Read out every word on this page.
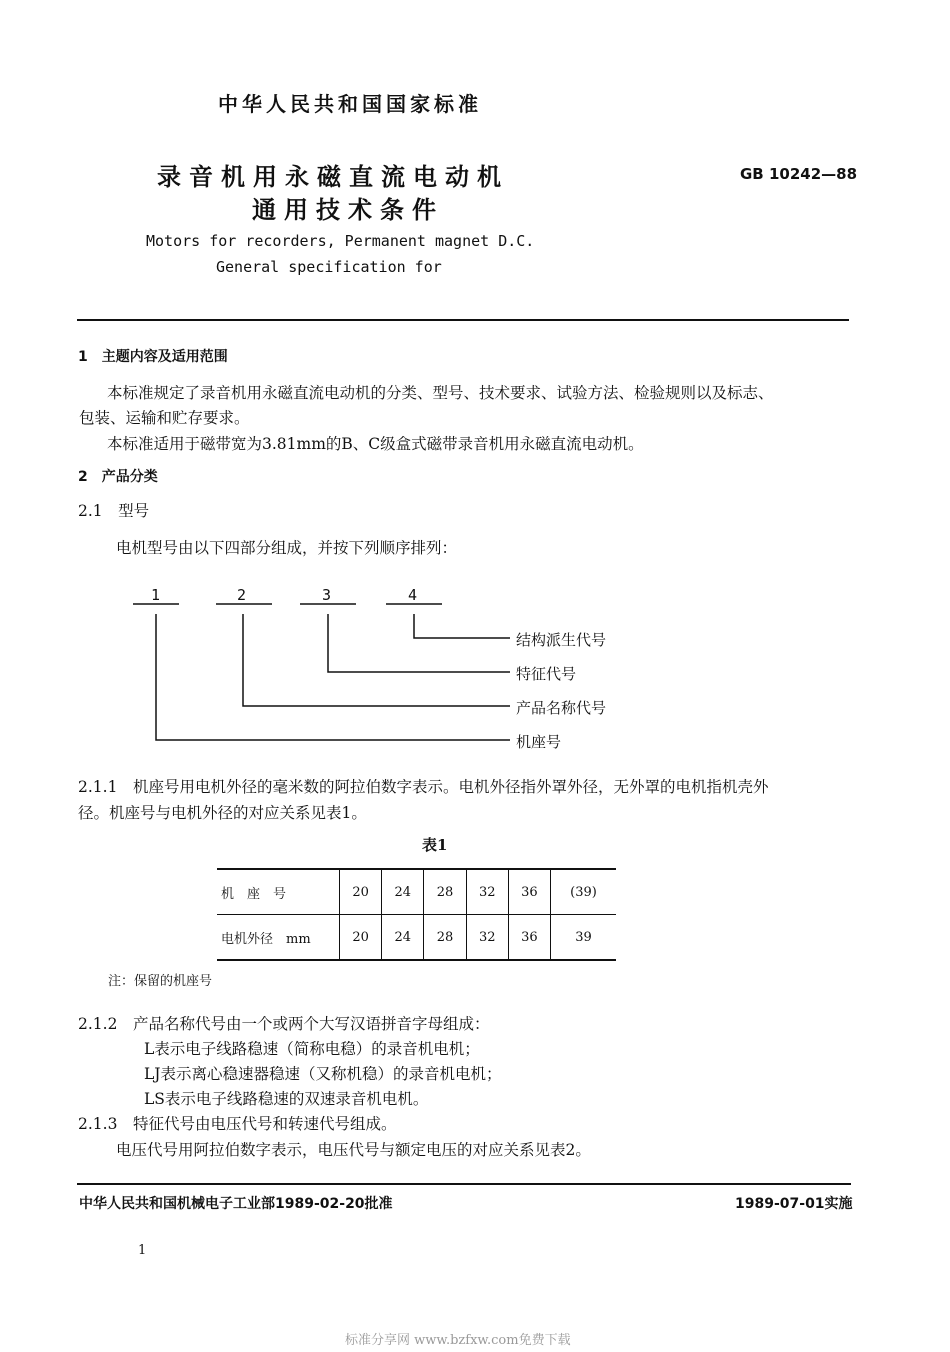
中华人民共和国国家标准
录音机用永磁直流电动机
通用技术条件
GB 10242—88
Motors for recorders, Permanent magnet D.C.
General specification for
1　主题内容及适用范围
本标准规定了录音机用永磁直流电动机的分类、型号、技术要求、试验方法、检验规则以及标志、
包装、运输和贮存要求。
本标准适用于磁带宽为3.81mm的B、C级盒式磁带录音机用永磁直流电动机。
2　产品分类
2.1　型号
电机型号由以下四部分组成，并按下列顺序排列：
1	2	3	4
结构派生代号
特征代号
产品名称代号
机座号
2.1.1　机座号用电机外径的毫米数的阿拉伯数字表示。电机外径指外罩外径，无外罩的电机指机壳外
径。机座号与电机外径的对应关系见表1。
表1
机　座　号	20	24	28	32	36	(39)
电机外径　mm	20	24	28	32	36	39
注：保留的机座号
2.1.2　产品名称代号由一个或两个大写汉语拼音字母组成：
L表示电子线路稳速（简称电稳）的录音机电机；
LJ表示离心稳速器稳速（又称机稳）的录音机电机；
LS表示电子线路稳速的双速录音机电机。
2.1.3　特征代号由电压代号和转速代号组成。
电压代号用阿拉伯数字表示，电压代号与额定电压的对应关系见表2。
中华人民共和国机械电子工业部1989-02-20批准	1989-07-01实施
1
标准分享网 www.bzfxw.com免费下载
